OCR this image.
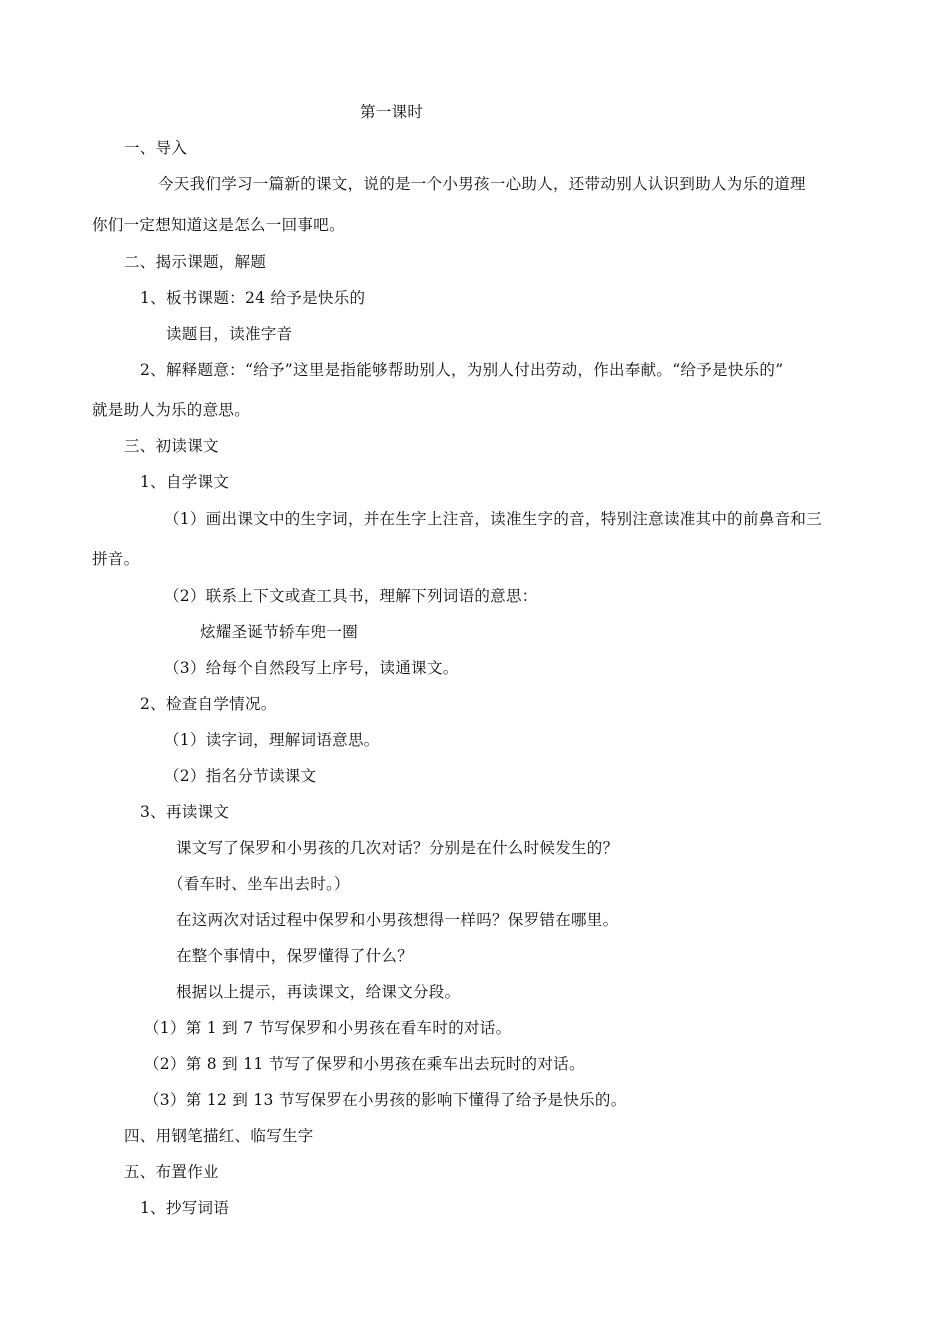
第一课时
一、导入
今天我们学习一篇新的课文，说的是一个小男孩一心助人，还带动别人认识到助人为乐的道理
你们一定想知道这是怎么一回事吧。
二、揭示课题，解题
1、板书课题：24 给予是快乐的
读题目，读准字音
2、解释题意：“给予”这里是指能够帮助别人，为别人付出劳动，作出奉献。“给予是快乐的”
就是助人为乐的意思。
三、初读课文
1、自学课文
（1）画出课文中的生字词，并在生字上注音，读准生字的音，特别注意读准其中的前鼻音和三
拼音。
（2）联系上下文或查工具书，理解下列词语的意思：
炫耀圣诞节轿车兜一圈
（3）给每个自然段写上序号，读通课文。
2、检查自学情况。
（1）读字词，理解词语意思。
（2）指名分节读课文
3、再读课文
课文写了保罗和小男孩的几次对话？分别是在什么时候发生的？
（看车时、坐车出去时。）
在这两次对话过程中保罗和小男孩想得一样吗？保罗错在哪里。
在整个事情中，保罗懂得了什么？
根据以上提示，再读课文，给课文分段。
（1）第 1 到 7 节写保罗和小男孩在看车时的对话。
（2）第 8 到 11 节写了保罗和小男孩在乘车出去玩时的对话。
（3）第 12 到 13 节写保罗在小男孩的影响下懂得了给予是快乐的。
四、用钢笔描红、临写生字
五、布置作业
1、抄写词语
